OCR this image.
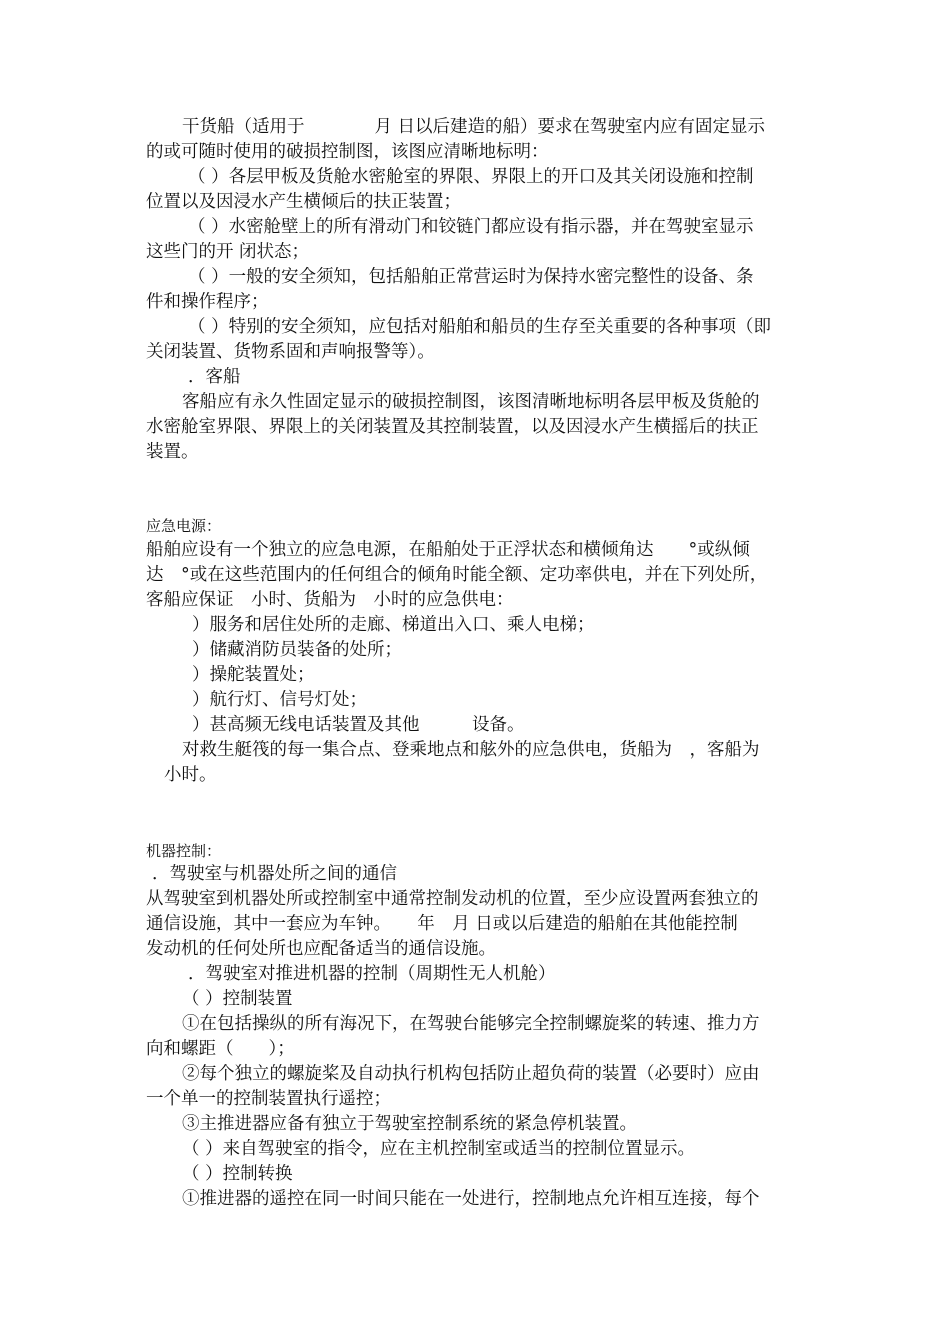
干货船（适用于　　　　月 日以后建造的船）要求在驾驶室内应有固定显示
的或可随时使用的破损控制图，该图应清晰地标明：
（ ）各层甲板及货舱水密舱室的界限、界限上的开口及其关闭设施和控制
位置以及因浸水产生横倾后的扶正装置；
（ ）水密舱壁上的所有滑动门和铰链门都应设有指示器，并在驾驶室显示
这些门的开 闭状态；
（ ）一般的安全须知，包括船舶正常营运时为保持水密完整性的设备、条
件和操作程序；
（ ）特别的安全须知，应包括对船舶和船员的生存至关重要的各种事项（即
关闭装置、货物系固和声响报警等）。
．客船
客船应有永久性固定显示的破损控制图，该图清晰地标明各层甲板及货舱的
水密舱室界限、界限上的关闭装置及其控制装置，以及因浸水产生横摇后的扶正
装置。
应急电源：
船舶应设有一个独立的应急电源，在船舶处于正浮状态和横倾角达　　°或纵倾
达　°或在这些范围内的任何组合的倾角时能全额、定功率供电，并在下列处所，
客船应保证　小时、货船为　小时的应急供电：
）服务和居住处所的走廊、梯道出入口、乘人电梯；
）储藏消防员装备的处所；
）操舵装置处；
）航行灯、信号灯处；
）甚高频无线电话装置及其他　　　设备。
对救生艇筏的每一集合点、登乘地点和舷外的应急供电，货船为　，客船为
小时。
机器控制：
．驾驶室与机器处所之间的通信
从驾驶室到机器处所或控制室中通常控制发动机的位置，至少应设置两套独立的
通信设施，其中一套应为车钟。　　年　月 日或以后建造的船舶在其他能控制
发动机的任何处所也应配备适当的通信设施。
．驾驶室对推进机器的控制（周期性无人机舱）
（ ）控制装置
①在包括操纵的所有海况下，在驾驶台能够完全控制螺旋桨的转速、推力方
向和螺距（　　）；
②每个独立的螺旋桨及自动执行机构包括防止超负荷的装置（必要时）应由
一个单一的控制装置执行遥控；
③主推进器应备有独立于驾驶室控制系统的紧急停机装置。
（ ）来自驾驶室的指令，应在主机控制室或适当的控制位置显示。
（ ）控制转换
①推进器的遥控在同一时间只能在一处进行，控制地点允许相互连接，每个
